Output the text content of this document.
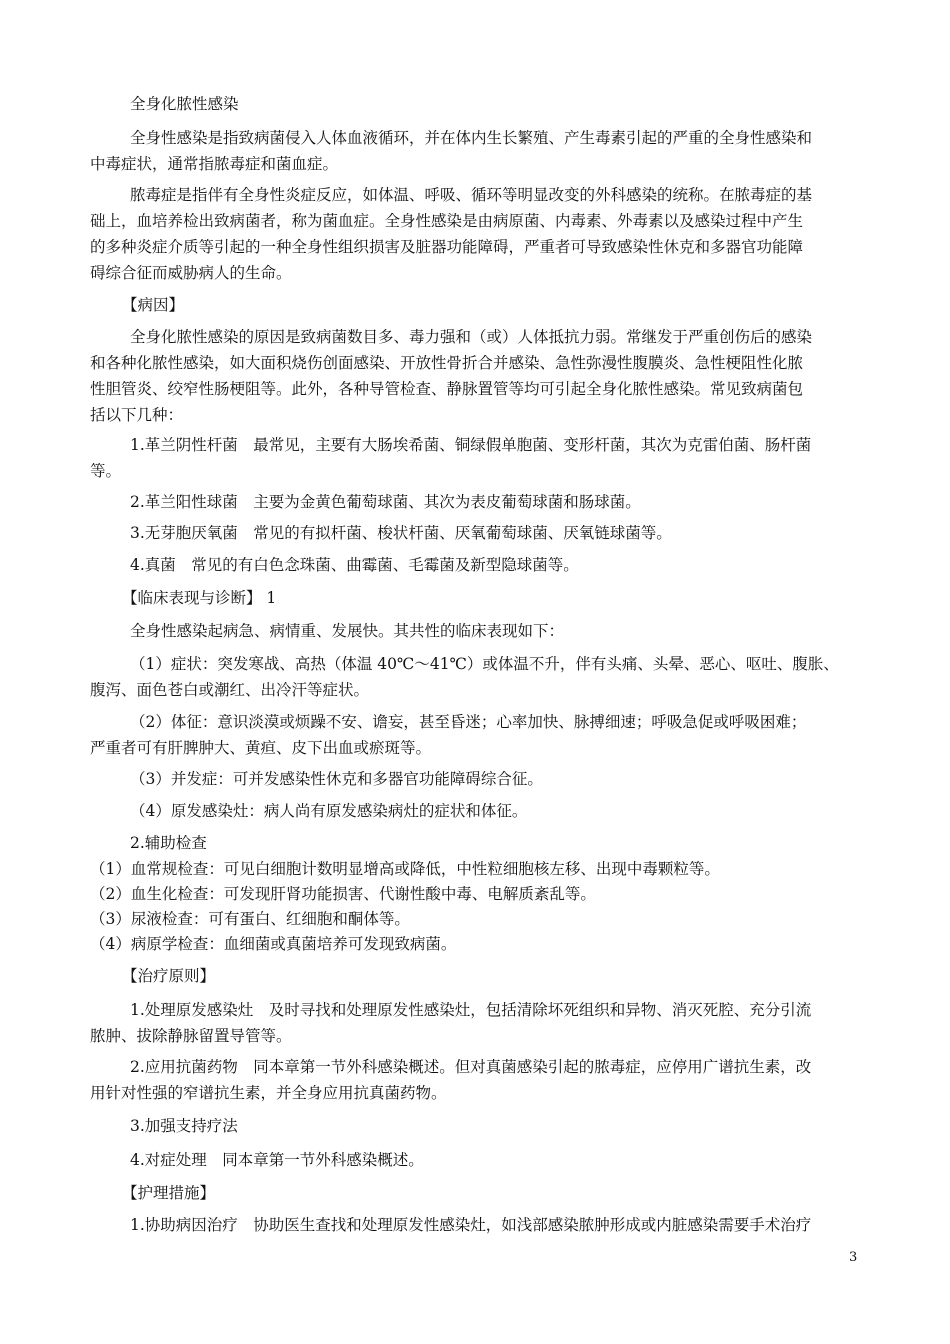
全身化脓性感染
全身性感染是指致病菌侵入人体血液循环，并在体内生长繁殖、产生毒素引起的严重的全身性感染和
中毒症状，通常指脓毒症和菌血症。
脓毒症是指伴有全身性炎症反应，如体温、呼吸、循环等明显改变的外科感染的统称。在脓毒症的基
础上，血培养检出致病菌者，称为菌血症。全身性感染是由病原菌、内毒素、外毒素以及感染过程中产生
的多种炎症介质等引起的一种全身性组织损害及脏器功能障碍，严重者可导致感染性休克和多器官功能障
碍综合征而威胁病人的生命。
【病因】
全身化脓性感染的原因是致病菌数目多、毒力强和（或）人体抵抗力弱。常继发于严重创伤后的感染
和各种化脓性感染，如大面积烧伤创面感染、开放性骨折合并感染、急性弥漫性腹膜炎、急性梗阻性化脓
性胆管炎、绞窄性肠梗阻等。此外，各种导管检查、静脉置管等均可引起全身化脓性感染。常见致病菌包
括以下几种：
1.革兰阴性杆菌　最常见，主要有大肠埃希菌、铜绿假单胞菌、变形杆菌，其次为克雷伯菌、肠杆菌
等。
2.革兰阳性球菌　主要为金黄色葡萄球菌、其次为表皮葡萄球菌和肠球菌。
3.无芽胞厌氧菌　常见的有拟杆菌、梭状杆菌、厌氧葡萄球菌、厌氧链球菌等。
4.真菌　常见的有白色念珠菌、曲霉菌、毛霉菌及新型隐球菌等。
【临床表现与诊断】 1
全身性感染起病急、病情重、发展快。其共性的临床表现如下：
（1）症状：突发寒战、高热（体温 40℃～41℃）或体温不升，伴有头痛、头晕、恶心、呕吐、腹胀、
腹泻、面色苍白或潮红、出冷汗等症状。
（2）体征：意识淡漠或烦躁不安、谵妄，甚至昏迷；心率加快、脉搏细速；呼吸急促或呼吸困难；
严重者可有肝脾肿大、黄疸、皮下出血或瘀斑等。
（3）并发症：可并发感染性休克和多器官功能障碍综合征。
（4）原发感染灶：病人尚有原发感染病灶的症状和体征。
2.辅助检查
（1）血常规检查：可见白细胞计数明显增高或降低，中性粒细胞核左移、出现中毒颗粒等。
（2）血生化检查：可发现肝肾功能损害、代谢性酸中毒、电解质紊乱等。
（3）尿液检查：可有蛋白、红细胞和酮体等。
（4）病原学检查：血细菌或真菌培养可发现致病菌。
【治疗原则】
1.处理原发感染灶　及时寻找和处理原发性感染灶，包括清除坏死组织和异物、消灭死腔、充分引流
脓肿、拔除静脉留置导管等。
2.应用抗菌药物　同本章第一节外科感染概述。但对真菌感染引起的脓毒症，应停用广谱抗生素，改
用针对性强的窄谱抗生素，并全身应用抗真菌药物。
3.加强支持疗法
4.对症处理　同本章第一节外科感染概述。
【护理措施】
1.协助病因治疗　协助医生查找和处理原发性感染灶，如浅部感染脓肿形成或内脏感染需要手术治疗
3
